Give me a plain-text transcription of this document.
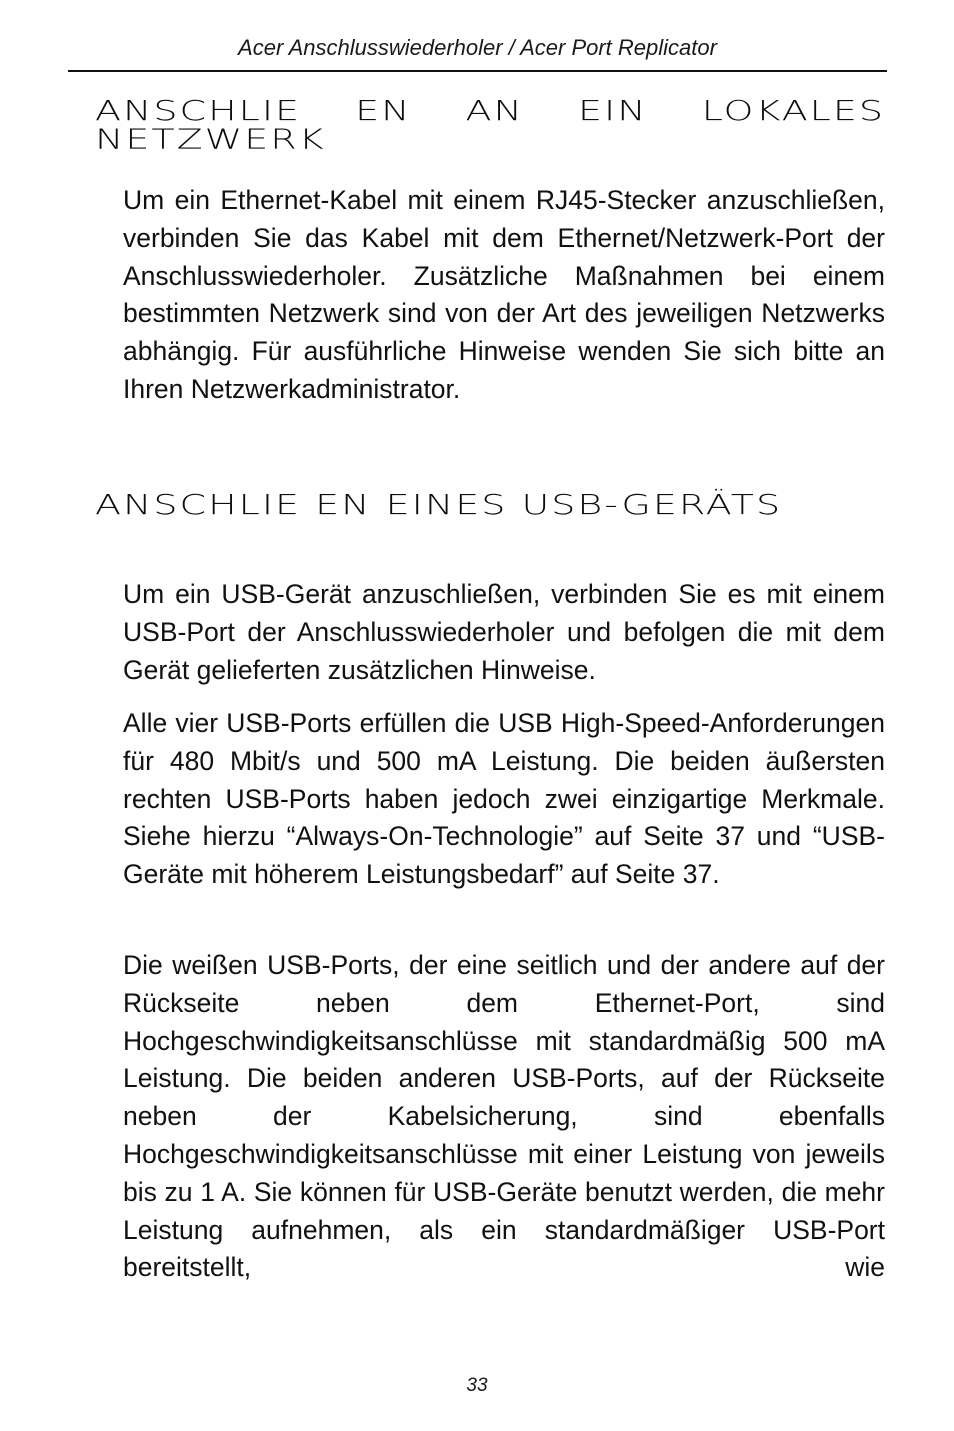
Acer Anschlusswiederholer / Acer Port Replicator
ANSCHLIE EN AN EIN LOKALES NETZWERK

Um ein Ethernet-Kabel mit einem RJ45-Stecker anzuschließen, verbinden Sie das Kabel mit dem Ethernet/Netzwerk-Port der Anschlusswiederholer. Zusätzliche Maßnahmen bei einem bestimmten Netzwerk sind von der Art des jeweiligen Netzwerks abhängig. Für ausführliche Hinweise wenden Sie sich bitte an Ihren Netzwerkadministrator.

ANSCHLIE EN EINES USB-GERÄTS

Um ein USB-Gerät anzuschließen, verbinden Sie es mit einem USB-Port der Anschlusswiederholer und befolgen die mit dem Gerät gelieferten zusätzlichen Hinweise.

Alle vier USB-Ports erfüllen die USB High-Speed-Anforderungen für 480 Mbit/s und 500 mA Leistung. Die beiden äußersten rechten USB-Ports haben jedoch zwei einzigartige Merkmale. Siehe hierzu “Always-On-Technologie” auf Seite 37 und “USB-Geräte mit höherem Leistungsbedarf” auf Seite 37.

Die weißen USB-Ports, der eine seitlich und der andere auf der Rückseite neben dem Ethernet-Port, sind Hochgeschwindigkeitsanschlüsse mit standardmäßig 500 mA Leistung. Die beiden anderen USB-Ports, auf der Rückseite neben der Kabelsicherung, sind ebenfalls Hochgeschwindigkeitsanschlüsse mit einer Leistung von jeweils bis zu 1 A. Sie können für USB-Geräte benutzt werden, die mehr Leistung aufnehmen, als ein standardmäßiger USB-Port bereitstellt, wie

33
